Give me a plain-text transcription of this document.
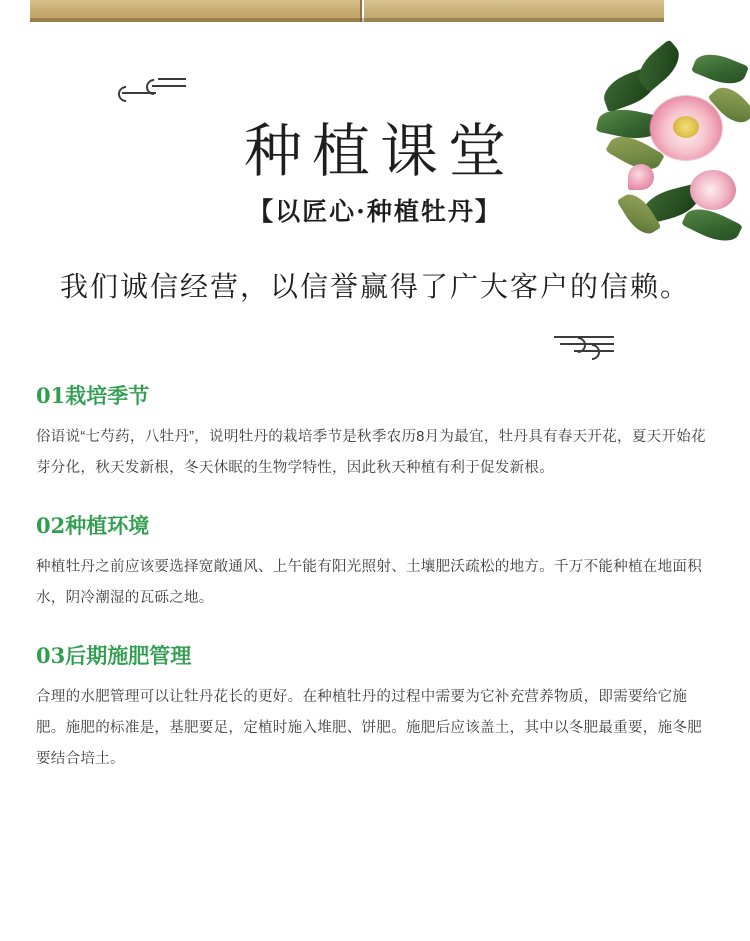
种植课堂
【以匠心·种植牡丹】
我们诚信经营，以信誉赢得了广大客户的信赖。
01栽培季节

俗语说“七芍药，八牡丹”，说明牡丹的栽培季节是秋季农历8月为最宜，牡丹具有春天开花，夏天开始花芽分化，秋天发新根，冬天休眠的生物学特性，因此秋天种植有利于促发新根。

02种植环境

种植牡丹之前应该要选择宽敞通风、上午能有阳光照射、土壤肥沃疏松的地方。千万不能种植在地面积水，阴冷潮湿的瓦砾之地。

03后期施肥管理

合理的水肥管理可以让牡丹花长的更好。在种植牡丹的过程中需要为它补充营养物质，即需要给它施肥。施肥的标准是，基肥要足，定植时施入堆肥、饼肥。施肥后应该盖土，其中以冬肥最重要，施冬肥要结合培土。
